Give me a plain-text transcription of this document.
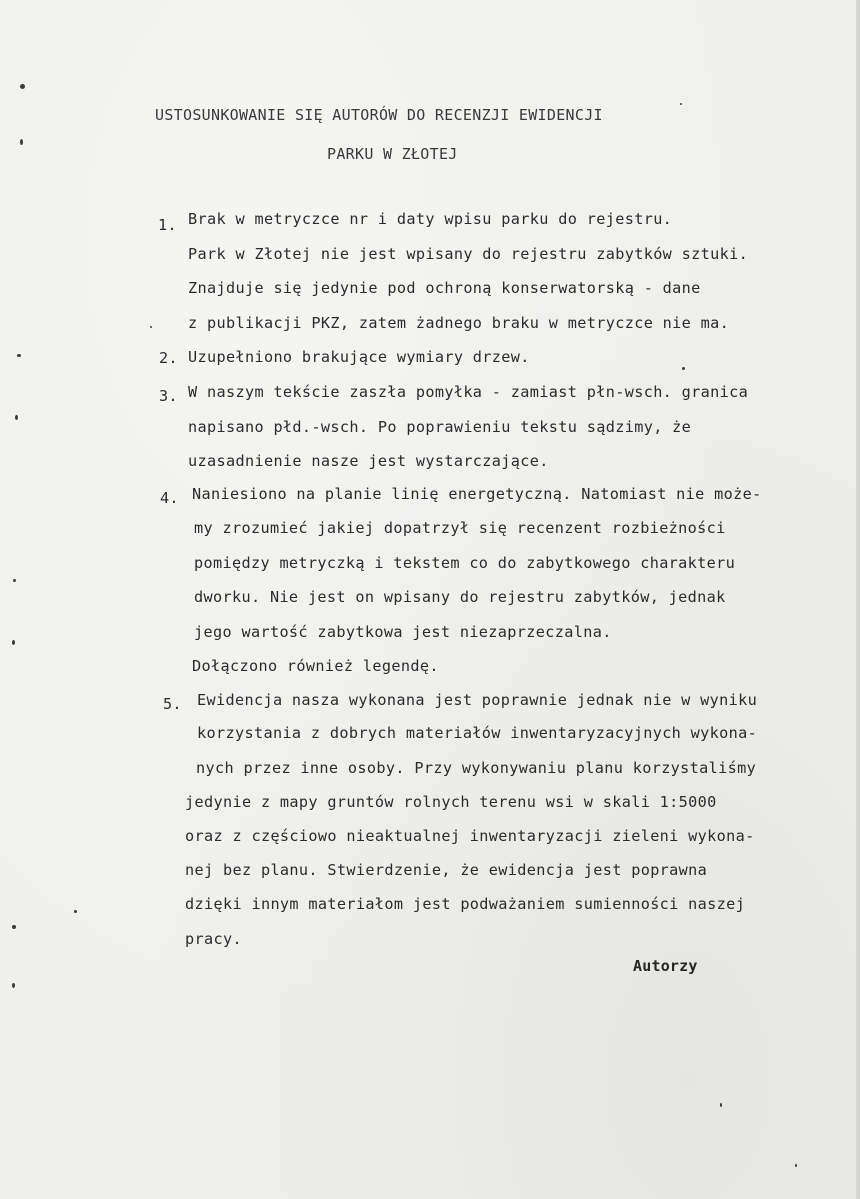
USTOSUNKOWANIE SIĘ AUTORÓW DO RECENZJI EWIDENCJI
PARKU W ZŁOTEJ
1. Brak w metryczce nr i daty wpisu parku do rejestru.
Park w Złotej nie jest wpisany do rejestru zabytków sztuki.
Znajduje się jedynie pod ochroną konserwatorską - dane
z publikacji PKZ, zatem żadnego braku w metryczce nie ma.
2. Uzupełniono brakujące wymiary drzew.
3. W naszym tekście zaszła pomyłka - zamiast płn-wsch. granica
napisano płd.-wsch. Po poprawieniu tekstu sądzimy, że
uzasadnienie nasze jest wystarczające.
4. Naniesiono na planie linię energetyczną. Natomiast nie może-
my zrozumieć jakiej dopatrzył się recenzent rozbieżności
pomiędzy metryczką i tekstem co do zabytkowego charakteru
dworku. Nie jest on wpisany do rejestru zabytków, jednak
jego wartość zabytkowa jest niezaprzeczalna.
Dołączono również legendę.
5. Ewidencja nasza wykonana jest poprawnie jednak nie w wyniku
korzystania z dobrych materiałów inwentaryzacyjnych wykona-
nych przez inne osoby. Przy wykonywaniu planu korzystaliśmy
jedynie z mapy gruntów rolnych terenu wsi w skali 1:5000
oraz z częściowo nieaktualnej inwentaryzacji zieleni wykona-
nej bez planu. Stwierdzenie, że ewidencja jest poprawna
dzięki innym materiałom jest podważaniem sumienności naszej
pracy.
Autorzy
